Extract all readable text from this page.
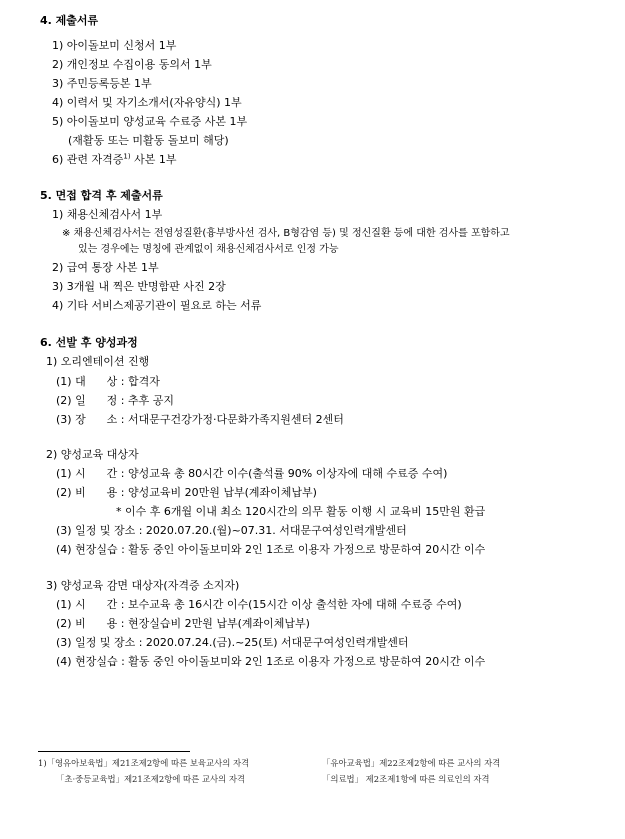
4. 제출서류
1) 아이돌보미 신청서 1부
2) 개인정보 수집이용 동의서 1부
3) 주민등록등본 1부
4) 이력서 및 자기소개서(자유양식) 1부
5) 아이돌보미 양성교육 수료증 사본 1부
(재활동 또는 미활동 돌보미 해당)
6) 관련 자격증$^{1)}$ 사본 1부
5. 면접 합격 후 제출서류
1) 채용신체검사서 1부
※ 채용신체검사서는 전염성질환(흉부방사선 검사, B형감염 등) 및 정신질환 등에 대한 검사를 포함하고
있는 경우에는 명칭에 관계없이 채용신체검사서로 인정 가능
2) 급여 통장 사본 1부
3) 3개월 내 찍은 반명함판 사진 2장
4) 기타 서비스제공기관이 필요로 하는 서류
6. 선발 후 양성과정
1) 오리엔테이션 진행
(1) 대      상 : 합격자
(2) 일      정 : 추후 공지
(3) 장      소 : 서대문구건강가정·다문화가족지원센터 2센터
2) 양성교육 대상자
(1) 시      간 : 양성교육 총 80시간 이수(출석률 90% 이상자에 대해 수료증 수여)
(2) 비      용 : 양성교육비 20만원 납부(계좌이체납부)
* 이수 후 6개월 이내 최소 120시간의 의무 활동 이행 시 교육비 15만원 환급
(3) 일정 및 장소 : 2020.07.20.(월)~07.31. 서대문구여성인력개발센터
(4) 현장실습 : 활동 중인 아이돌보미와 2인 1조로 이용자 가정으로 방문하여 20시간 이수
3) 양성교육 감면 대상자(자격증 소지자)
(1) 시      간 : 보수교육 총 16시간 이수(15시간 이상 출석한 자에 대해 수료증 수여)
(2) 비      용 : 현장실습비 2만원 납부(계좌이체납부)
(3) 일정 및 장소 : 2020.07.24.(금).~25(토) 서대문구여성인력개발센터
(4) 현장실습 : 활동 중인 아이돌보미와 2인 1조로 이용자 가정으로 방문하여 20시간 이수
1)「영유아보육법」제21조제2항에 따른 보육교사의 자격	「유아교육법」제22조제2항에 따른 교사의 자격
「초·중등교육법」제21조제2항에 따른 교사의 자격	「의료법」 제2조제1항에 따른 의료인의 자격
